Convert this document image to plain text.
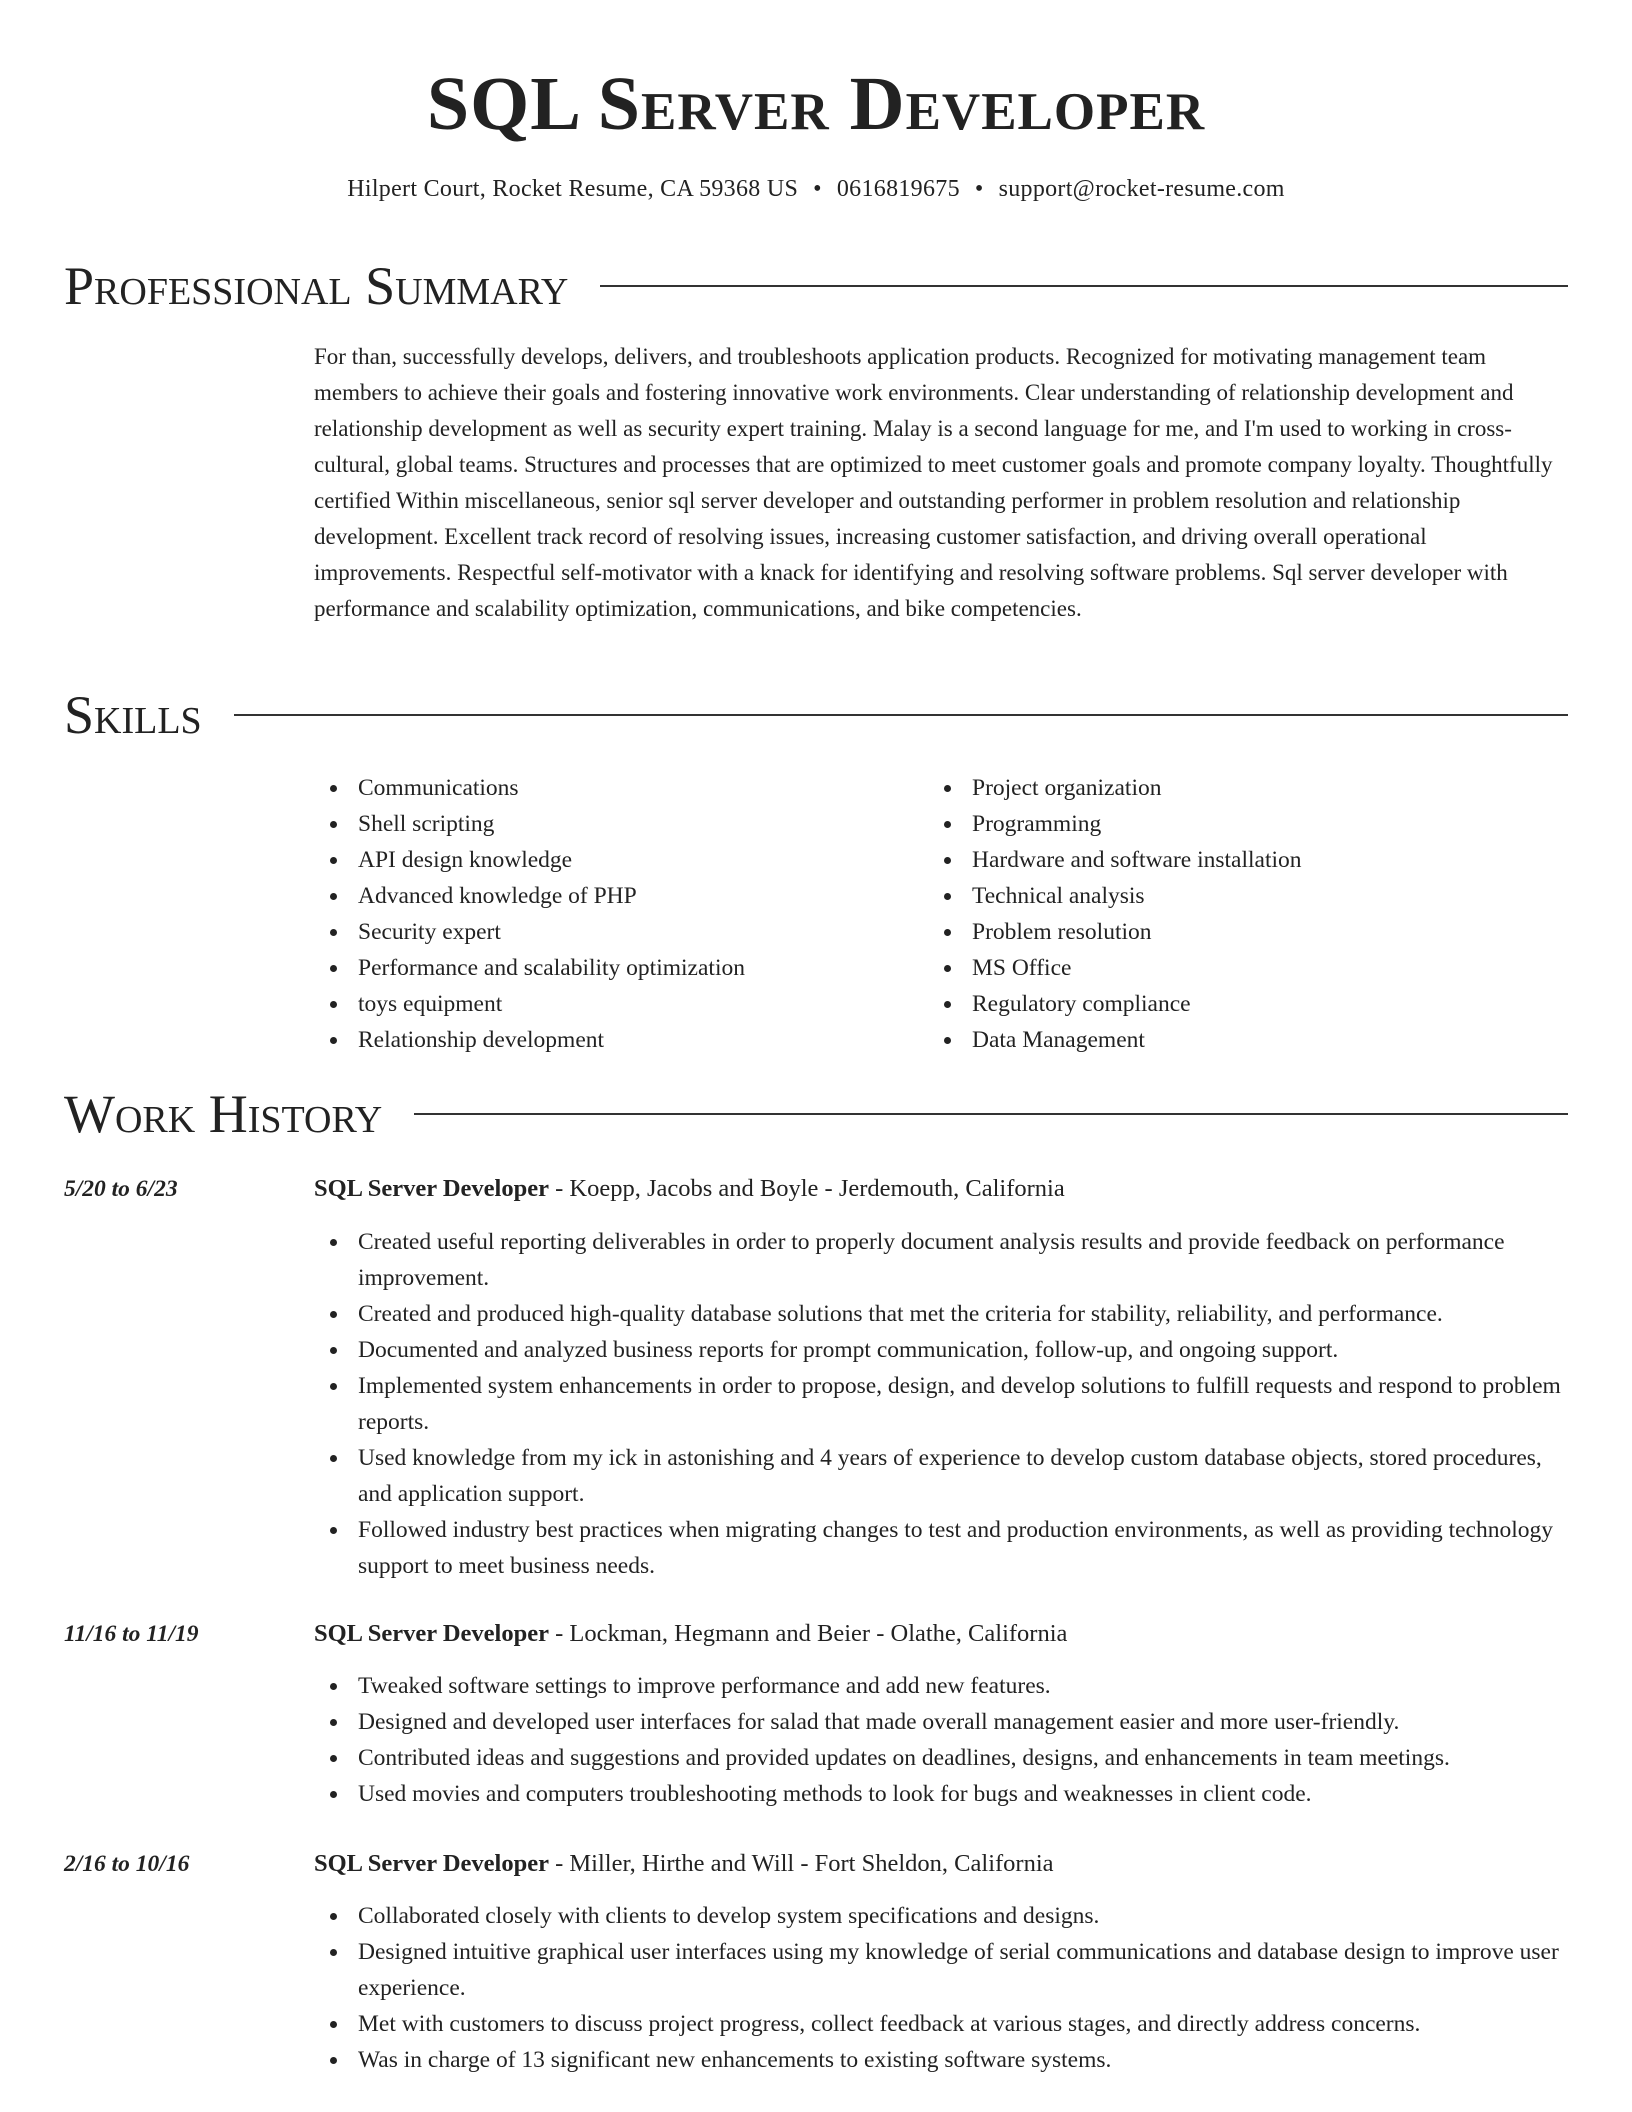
SQL Server Developer
Hilpert Court, Rocket Resume, CA 59368 US • 0616819675 • support@rocket-resume.com
Professional Summary

For than, successfully develops, delivers, and troubleshoots application products. Recognized for motivating management team members to achieve their goals and fostering innovative work environments. Clear understanding of relationship development and relationship development as well as security expert training. Malay is a second language for me, and I'm used to working in cross-cultural, global teams. Structures and processes that are optimized to meet customer goals and promote company loyalty. Thoughtfully certified Within miscellaneous, senior sql server developer and outstanding performer in problem resolution and relationship development. Excellent track record of resolving issues, increasing customer satisfaction, and driving overall operational improvements. Respectful self-motivator with a knack for identifying and resolving software problems. Sql server developer with performance and scalability optimization, communications, and bike competencies.

Skills
Communications
Shell scripting
API design knowledge
Advanced knowledge of PHP
Security expert
Performance and scalability optimization
toys equipment
Relationship development
Project organization
Programming
Hardware and software installation
Technical analysis
Problem resolution
MS Office
Regulatory compliance
Data Management
Work History
5/20 to 6/23	SQL Server Developer - Koepp, Jacobs and Boyle - Jerdemouth, California
Created useful reporting deliverables in order to properly document analysis results and provide feedback on performance improvement.
Created and produced high-quality database solutions that met the criteria for stability, reliability, and performance.
Documented and analyzed business reports for prompt communication, follow-up, and ongoing support.
Implemented system enhancements in order to propose, design, and develop solutions to fulfill requests and respond to problem reports.
Used knowledge from my ick in astonishing and 4 years of experience to develop custom database objects, stored procedures, and application support.
Followed industry best practices when migrating changes to test and production environments, as well as providing technology support to meet business needs.
11/16 to 11/19	SQL Server Developer - Lockman, Hegmann and Beier - Olathe, California
Tweaked software settings to improve performance and add new features.
Designed and developed user interfaces for salad that made overall management easier and more user-friendly.
Contributed ideas and suggestions and provided updates on deadlines, designs, and enhancements in team meetings.
Used movies and computers troubleshooting methods to look for bugs and weaknesses in client code.
2/16 to 10/16	SQL Server Developer - Miller, Hirthe and Will - Fort Sheldon, California
Collaborated closely with clients to develop system specifications and designs.
Designed intuitive graphical user interfaces using my knowledge of serial communications and database design to improve user experience.
Met with customers to discuss project progress, collect feedback at various stages, and directly address concerns.
Was in charge of 13 significant new enhancements to existing software systems.
